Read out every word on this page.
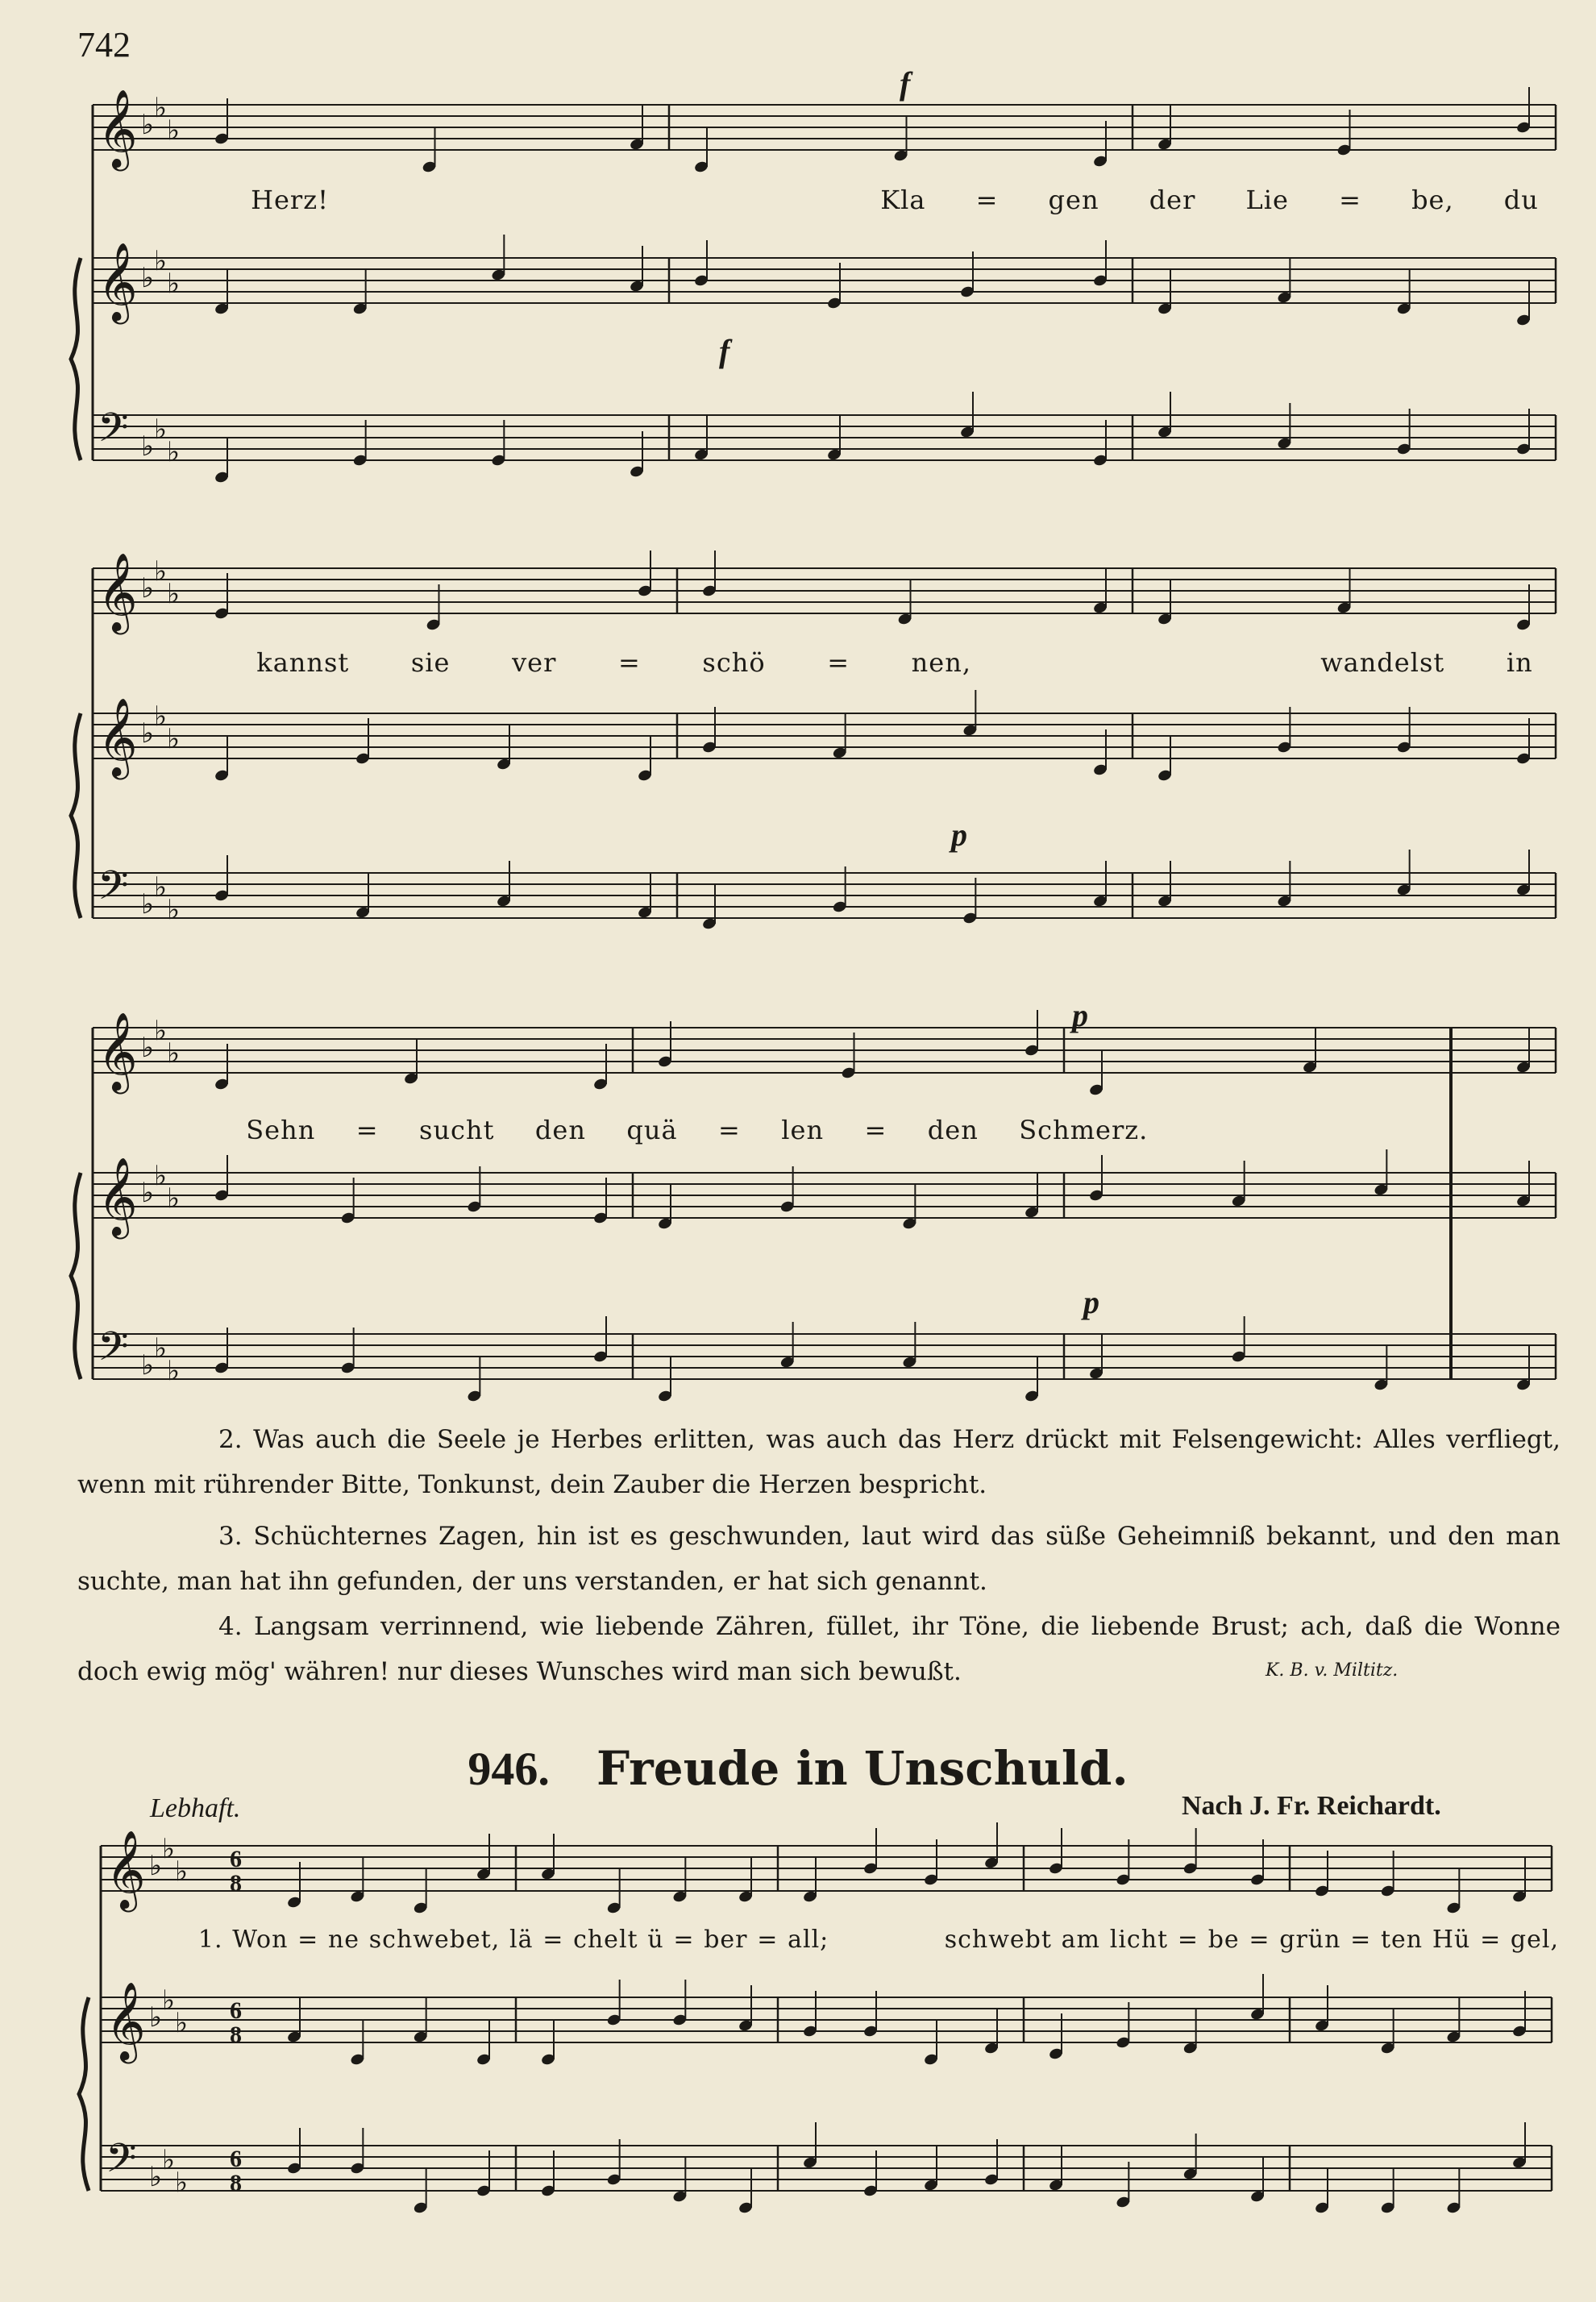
742
𝄞 ♭
♭
♭
𝄞 ♭
♭
♭
𝄢 ♭
♭
♭
𝄞 ♭
♭
♭
𝄞 ♭
♭
♭
𝄢 ♭
♭
♭
𝄞 ♭
♭
♭
𝄞 ♭
♭
♭
𝄢 ♭
♭
♭
𝄞 ♭
♭
♭ 6
8
𝄞 ♭
♭
♭ 6
8
𝄢 ♭
♭
♭
6
8
Herz!	Kla = gen der Lie = be, du
f
f
kannst sie ver = schö = nen,	wandelst in
p
Sehn = sucht den quä = len = den Schmerz.
p
p
2. Was auch die Seele je Herbes erlitten, was auch das Herz drückt mit Felsengewicht: Alles verfliegt, wenn mit rührender Bitte, Tonkunst, dein Zauber die Herzen bespricht.
3. Schüchternes Zagen, hin ist es geschwunden, laut wird das süße Geheimniß bekannt, und den man suchte, man hat ihn gefunden, der uns verstanden, er hat sich genannt.
4. Langsam verrinnend, wie liebende Zähren, füllet, ihr Töne, die liebende Brust; ach, daß die Wonne doch ewig mög' währen! nur dieses Wunsches wird man sich bewußt.	K. B. v. Miltitz.
946. Freude in Unschuld.
Lebhaft.	Nach J. Fr. Reichardt.
1. Won = ne schwebet, lä = chelt ü = ber = all;	schwebt am licht = be = grün = ten Hü = gel,
